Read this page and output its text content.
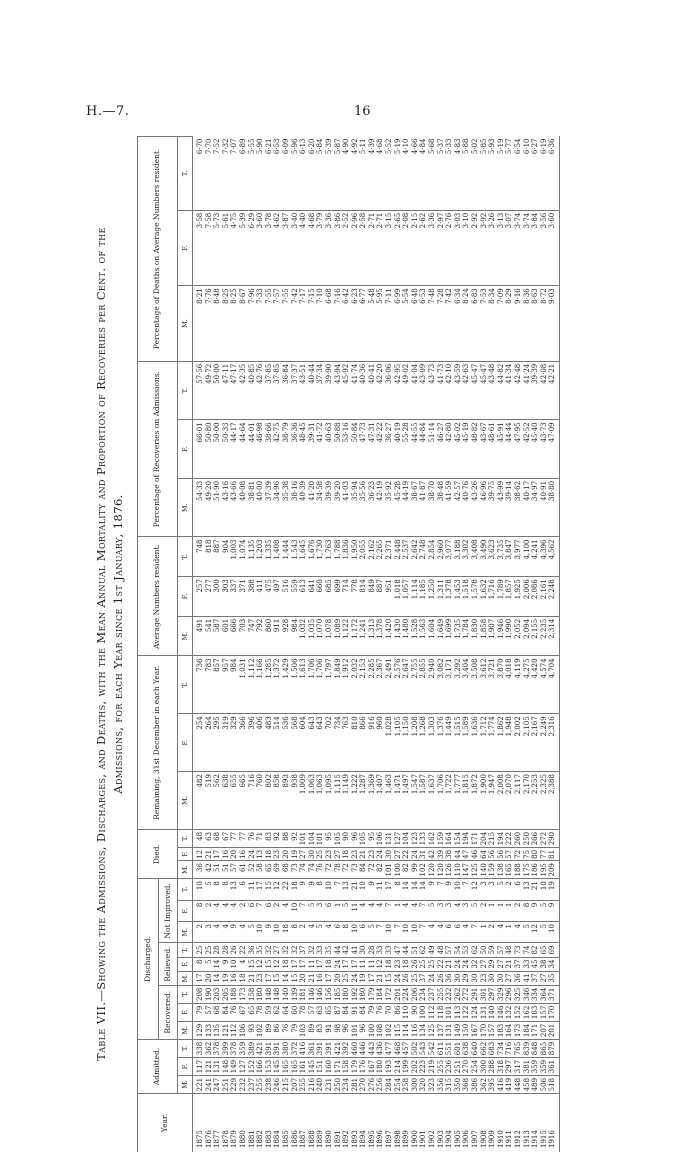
H.—7.	16
Table VII.—Showing the Admissions, Discharges, and Deaths, with the Mean Annual Mortality and Proportion of Recoveries per Cent. of the Admissions, for each Year since 1st January, 1876.
Year.	Admitted.			Discharged.									Died.			Remaining, 31st December in each Year.			Average Numbers resident.			Percentage of Recoveries on Admissions.			Percentage of Deaths on Average Numbers resident.		
				Recovered.			Relieved.			Not Improved.																	
	M.	F.	T.	M.	F.	T.	M.	F.	T.	M.	F.	T.	M.	F.	T.	M.	F.	T.	M.	F.	T.	M.	F.	T.	M.	F.	T.
1875	221	117	338	129	79	208	17	8	25	2	8	10	36	12	48	482	254	736	491	257	748	54·33	66·01	57·56	8·21	3·58	6·70
1876	241	121	362	133	57	190	20	5	25	3	2	5	42	21	63	519	264	783	541	277	818	49·20	50·80	49·72	7·76	7·58	7·70
1877	247	131	378	135	68	203	14	14	28	4	4	8	51	17	68	562	295	857	587	300	887	51·90	50·00	50·00	8·48	5·73	7·52
1878	251	148	399	121	84	205	19	9	28	4	4	8	51	16	67	638	319	957	601	303	904	43·16	50·33	47·11	8·25	5·61	7·32
1879	229	149	378	112	76	188	16	10	26	9	4	13	57	20	77	655	329	984	666	337	1,003	43·66	44·17	47·17	8·25	4·75	7·07
1880	232	127	359	106	67	173	18	4	22	4	2	6	61	16	77	665	366	1,031	703	371	1,074	40·08	44·64	42·35	8·67	5·39	6·89
1881	237	152	389	93	65	158	21	15	36	5	6	11	52	24	76	716	396	1,112	747	388	1,135	38·81	44·01	40·85	7·96	6·29	5·55
1882	255	166	421	102	78	180	23	12	35	10	7	17	58	13	71	760	406	1,166	792	411	1,203	40·00	46·98	42·76	7·33	3·60	5·90
1883	238	153	391	89	59	148	17	15	32	9	6	15	65	18	83	802	483	1,285	860	475	1,335	37·39	38·66	37·85	7·55	3·78	6·21
1884	246	145	391	86	62	148	15	12	27	10	2	12	69	23	92	858	514	1,372	911	497	1,408	34·96	42·75	37·85	7·57	4·62	6·53
1885	215	165	380	76	64	140	14	18	32	18	4	22	68	20	88	893	536	1,429	928	516	1,444	35·38	38·79	36·84	7·55	3·87	6·09
1886	207	165	372	79	60	139	15	17	32	8	10	18	73	19	92	938	568	1,506	984	559	1,543	38·16	36·36	37·37	7·42	3·40	5·96
1887	255	161	416	103	78	181	20	17	37	2	7	9	74	27	101	1,009	604	1,613	1,032	613	1,645	40·39	48·45	43·51	7·17	4·40	6·13
1888	216	145	361	89	57	146	21	11	32	4	5	9	74	30	104	1,063	643	1,706	1,035	641	1,676	41·20	39·31	40·44	7·15	4·68	6·20
1889	240	151	391	83	63	146	16	17	33	5	3	8	76	25	101	1,063	643	1,706	1,070	660	1,730	34·58	41·72	37·34	7·10	3·79	5·84
1890	231	160	391	91	65	156	17	18	35	4	6	10	72	23	95	1,095	702	1,797	1,078	685	1,763	39·39	40·63	39·90	6·68	3·36	5·39
1891	250	171	421	98	87	185	20	24	44	6	1	7	78	27	105	1,115	734	1,849	1,089	699	1,788	39·20	50·88	43·94	7·16	3·86	5·87
1892	234	158	392	96	84	180	25	17	42	8	5	13	72	18	90	1,149	763	1,912	1,122	714	1,836	41·03	53·16	45·92	6·42	2·52	4·90
1893	281	179	460	101	91	192	24	17	41	10	11	21	73	23	96	1,222	810	2,032	1,172	778	1,950	35·94	50·84	41·74	6·23	2·96	4·92
1894	270	176	446	96	84	180	19	11	30	6	4	10	84	21	105	1,287	866	2,153	1,241	814	2,055	35·56	47·73	40·36	6·77	2·58	5·11
1895	276	167	443	100	79	179	17	11	28	5	4	9	72	23	95	1,369	916	2,285	1,313	849	2,162	36·23	47·31	40·41	5·48	2·71	4·39
1896	256	180	436	108	76	184	21	12	33	7	4	11	82	24	106	1,407	960	2,367	1,378	887	2,265	42·19	42·22	42·20	5·95	2·71	4·68
1897	284	193	477	102	70	172	15	18	33	10	7	17	101	30	131	1,463	1,028	2,491	1,420	951	2,371	35·92	36·27	36·06	7·11	3·15	5·52
1898	254	214	468	115	86	201	24	23	47	7	1	8	100	27	127	1,471	1,105	2,576	1,430	1,018	2,448	45·28	40·19	42·95	6·99	2·65	5·19
1899	258	199	457	114	110	224	26	18	44	10	4	14	82	22	104	1,497	1,150	2,647	1,480	1,057	2,537	44·19	55·28	49·02	5·54	2·08	4·10
1900	300	202	502	116	90	206	25	26	51	10	4	14	99	24	123	1,547	1,208	2,755	1,528	1,114	2,642	38·67	44·55	41·04	6·48	2·15	4·66
1901	320	223	543	134	100	234	37	25	62	7	7	14	102	31	133	1,587	1,268	2,855	1,563	1,185	2,748	41·87	44·84	43·09	6·53	2·62	4·84
1902	323	219	542	125	112	237	24	25	49	4	5	9	120	42	162	1,637	1,303	2,940	1,604	1,250	2,854	38·70	51·14	43·73	7·48	3·36	5·68
1903	356	255	611	137	118	255	26	22	48	4	3	7	120	39	159	1,706	1,376	3,082	1,649	1,311	2,960	38·48	46·27	41·73	7·28	2·97	5·37
1904	315	236	551	131	101	232	36	21	57	6	3	9	126	38	164	1,722	1,449	3,171	1,699	1,378	3,077	41·59	42·80	42·10	7·42	2·76	5·33
1905	350	251	601	149	113	262	30	24	54	6	4	10	110	44	154	1,777	1,515	3,292	1,735	1,453	3,188	42·57	45·02	43·59	6·34	3·03	4·83
1906	368	270	638	150	122	272	29	24	53	4	3	7	147	47	194	1,815	1,589	3,404	1,784	1,518	3,302	40·76	45·19	42·63	8·24	3·10	5·88
1907	386	254	640	167	124	291	30	32	62	7	5	12	125	46	171	1,872	1,636	3,508	1,830	1,578	3,408	43·26	48·82	45·47	6·83	2·92	5·02
1908	362	300	662	170	131	301	23	27	50	1	2	3	140	64	204	1,900	1,712	3,612	1,858	1,632	3,490	46·96	43·67	45·47	7·53	3·92	5·85
1909	395	288	683	157	140	297	30	29	59	2	1	3	159	56	215	1,947	1,774	3,721	1,907	1,716	3,623	39·75	48·61	43·48	8·34	3·26	5·93
1910	416	318	734	183	146	329	30	27	57	4	1	5	138	56	194	2,008	1,862	3,870	1,946	1,789	3,735	43·99	45·91	44·82	7·09	3·13	5·19
1911	419	297	716	164	132	296	27	21	48	1	1	2	165	57	222	2,070	1,948	4,018	1,990	1,857	3,847	39·14	44·44	41·34	8·29	3·07	5·77
1912	448	317	765	173	152	325	36	37	73	4	2	6	188	72	260	2,117	2,002	4,119	2,052	1,925	3,977	38·62	47·95	42·48	9·16	3·74	6·54
1913	458	381	839	184	162	346	41	33	74	5	8	13	175	75	250	2,170	2,105	4,275	2,094	2,006	4,100	40·17	42·52	41·24	8·36	3·74	6·10
1914	489	359	848	171	163	334	37	45	82	12	9	21	186	80	266	2,253	2,167	4,420	2,155	2,086	4,241	34·97	45·40	39·39	8·63	3·84	6·27
1915	506	359	865	207	157	364	27	38	65	5	5	10	195	77	272	2,325	2,249	4,574	2,235	2,161	4,396	40·91	43·73	42·08	8·72	3·56	6·19
1916	518	361	879	201	170	371	35	34	69	10	9	19	209	81	290	2,388	2,316	4,704	2,314	2,248	4,562	38·80	47·09	42·21	9·03	3·60	6·36
